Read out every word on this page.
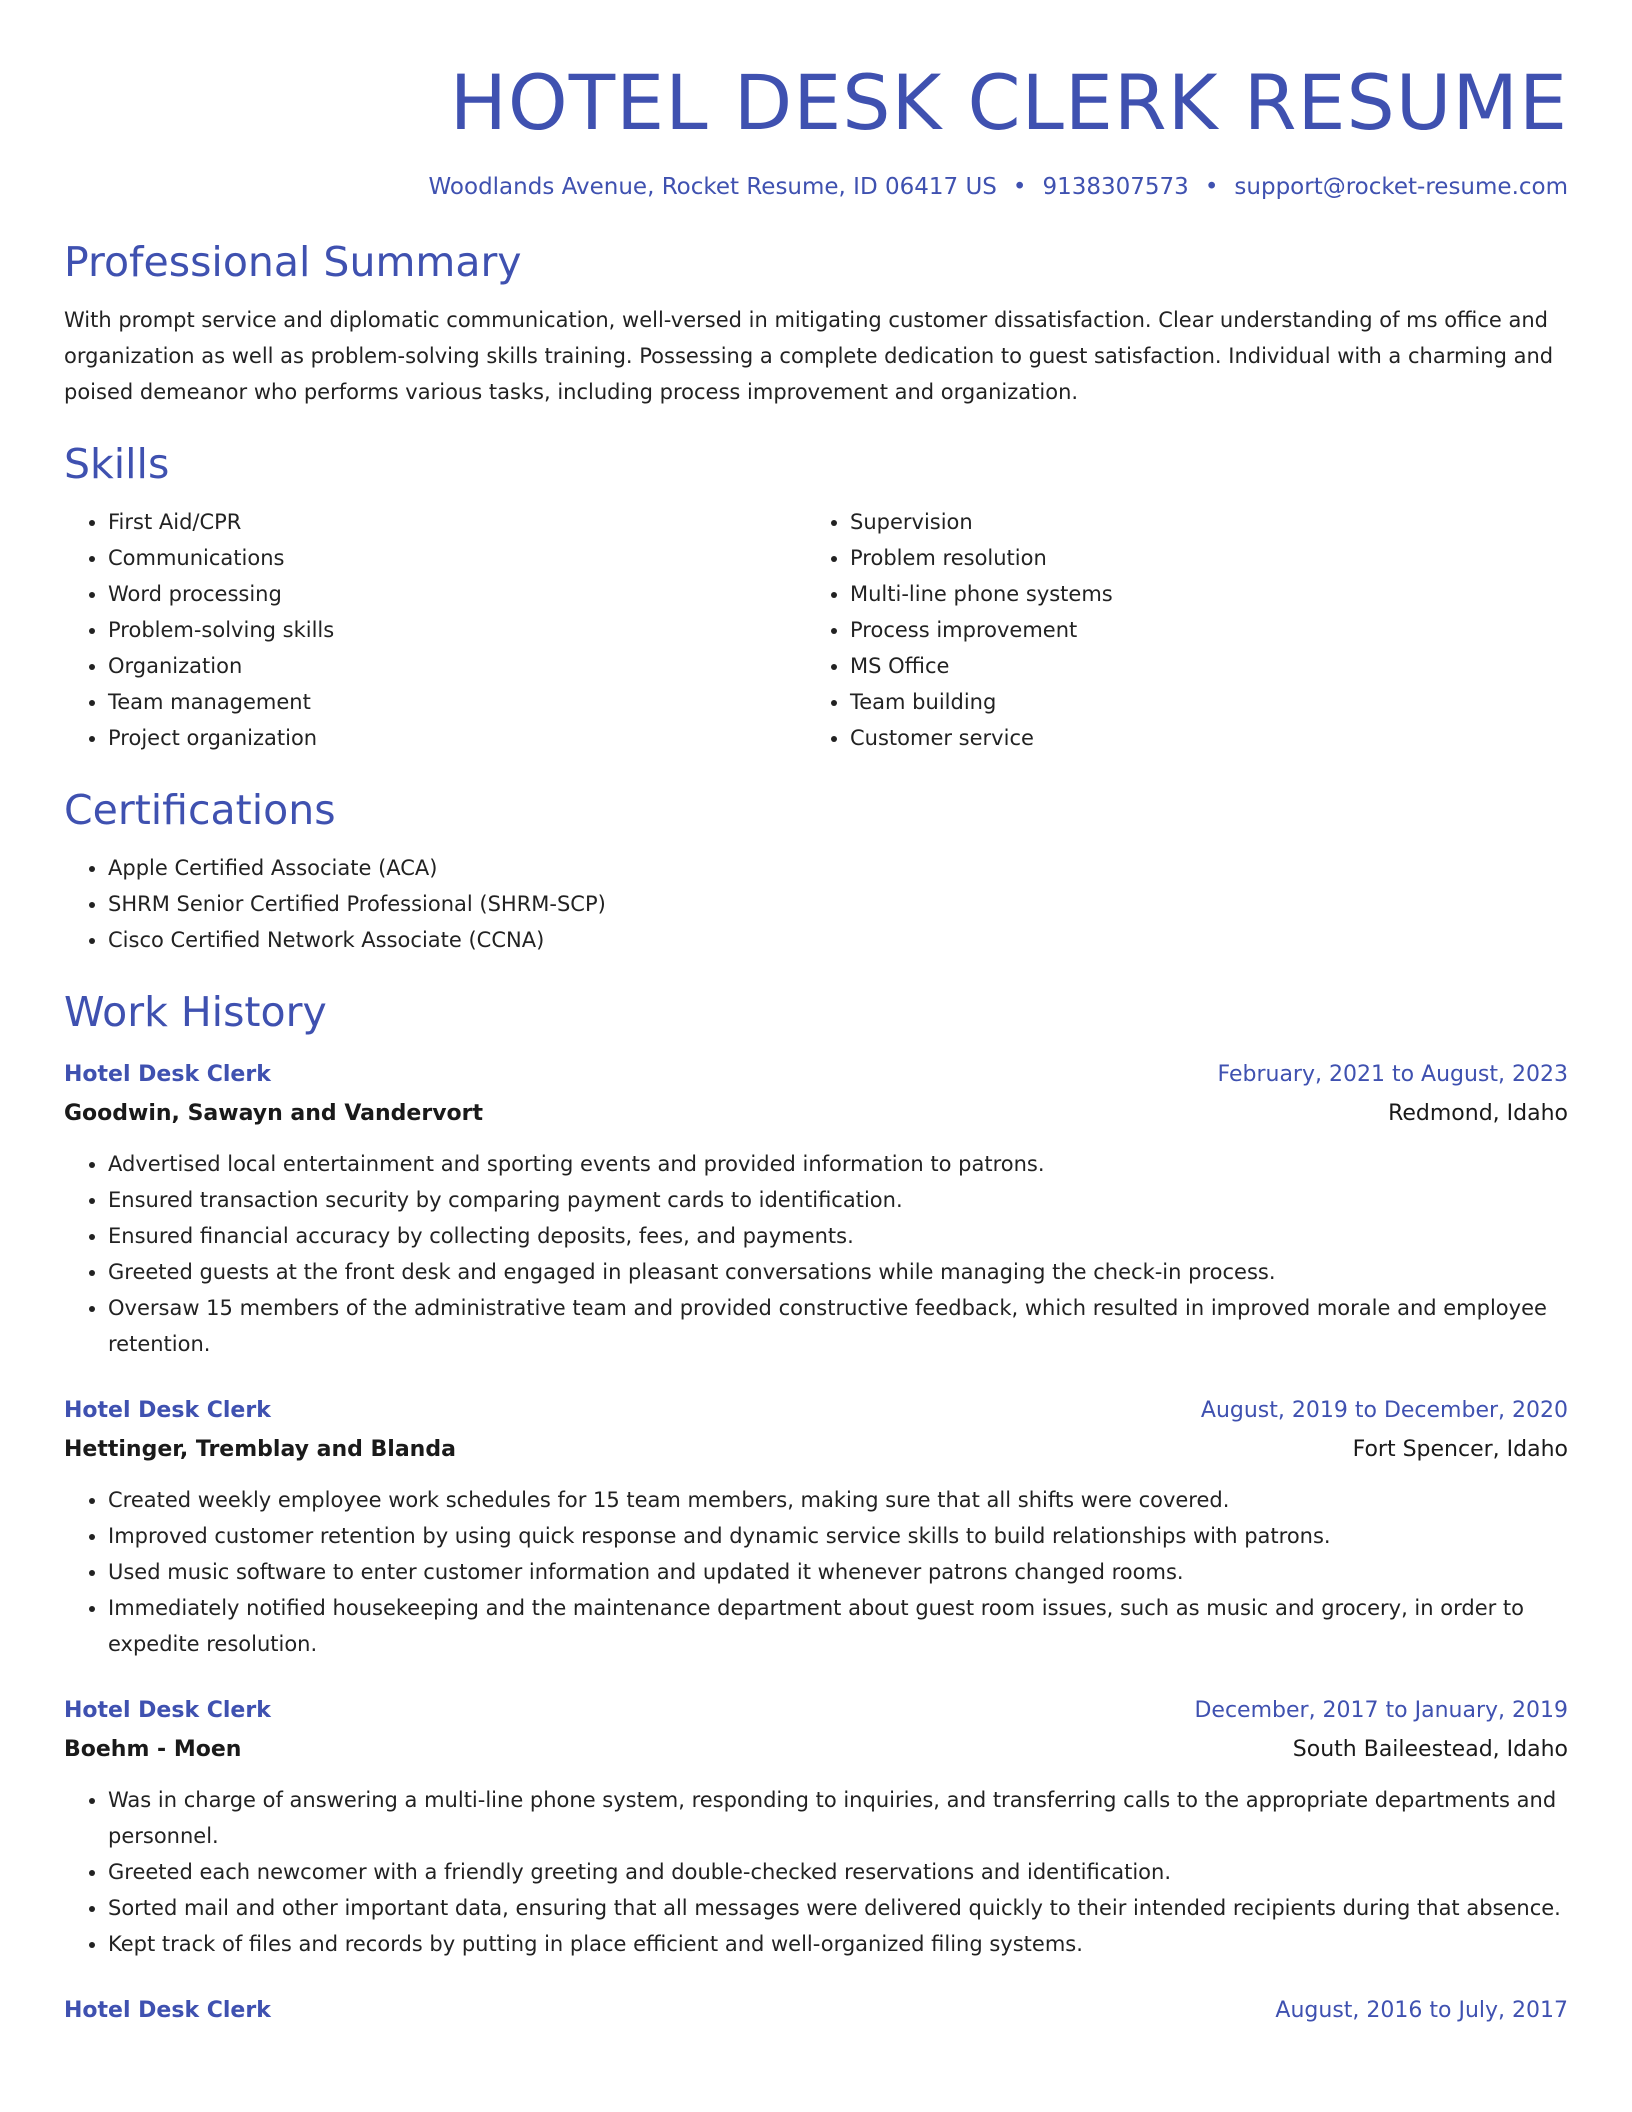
HOTEL DESK CLERK RESUME
Woodlands Avenue, Rocket Resume, ID 06417 US • 9138307573 • support@rocket-resume.com
Professional Summary
With prompt service and diplomatic communication, well-versed in mitigating customer dissatisfaction. Clear understanding of ms office and organization as well as problem-solving skills training. Possessing a complete dedication to guest satisfaction. Individual with a charming and poised demeanor who performs various tasks, including process improvement and organization.
Skills
• First Aid/CPR
• Communications
• Word processing
• Problem-solving skills
• Organization
• Team management
• Project organization
• Supervision
• Problem resolution
• Multi-line phone systems
• Process improvement
• MS Office
• Team building
• Customer service
Certifications
• Apple Certified Associate (ACA)
• SHRM Senior Certified Professional (SHRM-SCP)
• Cisco Certified Network Associate (CCNA)
Work History
Hotel Desk Clerk	February, 2021 to August, 2023
Goodwin, Sawayn and Vandervort	Redmond, Idaho
• Advertised local entertainment and sporting events and provided information to patrons.
• Ensured transaction security by comparing payment cards to identification.
• Ensured financial accuracy by collecting deposits, fees, and payments.
• Greeted guests at the front desk and engaged in pleasant conversations while managing the check-in process.
• Oversaw 15 members of the administrative team and provided constructive feedback, which resulted in improved morale and employee retention.
Hotel Desk Clerk	August, 2019 to December, 2020
Hettinger, Tremblay and Blanda	Fort Spencer, Idaho
• Created weekly employee work schedules for 15 team members, making sure that all shifts were covered.
• Improved customer retention by using quick response and dynamic service skills to build relationships with patrons.
• Used music software to enter customer information and updated it whenever patrons changed rooms.
• Immediately notified housekeeping and the maintenance department about guest room issues, such as music and grocery, in order to expedite resolution.
Hotel Desk Clerk	December, 2017 to January, 2019
Boehm - Moen	South Baileestead, Idaho
• Was in charge of answering a multi-line phone system, responding to inquiries, and transferring calls to the appropriate departments and personnel.
• Greeted each newcomer with a friendly greeting and double-checked reservations and identification.
• Sorted mail and other important data, ensuring that all messages were delivered quickly to their intended recipients during that absence.
• Kept track of files and records by putting in place efficient and well-organized filing systems.
Hotel Desk Clerk	August, 2016 to July, 2017
